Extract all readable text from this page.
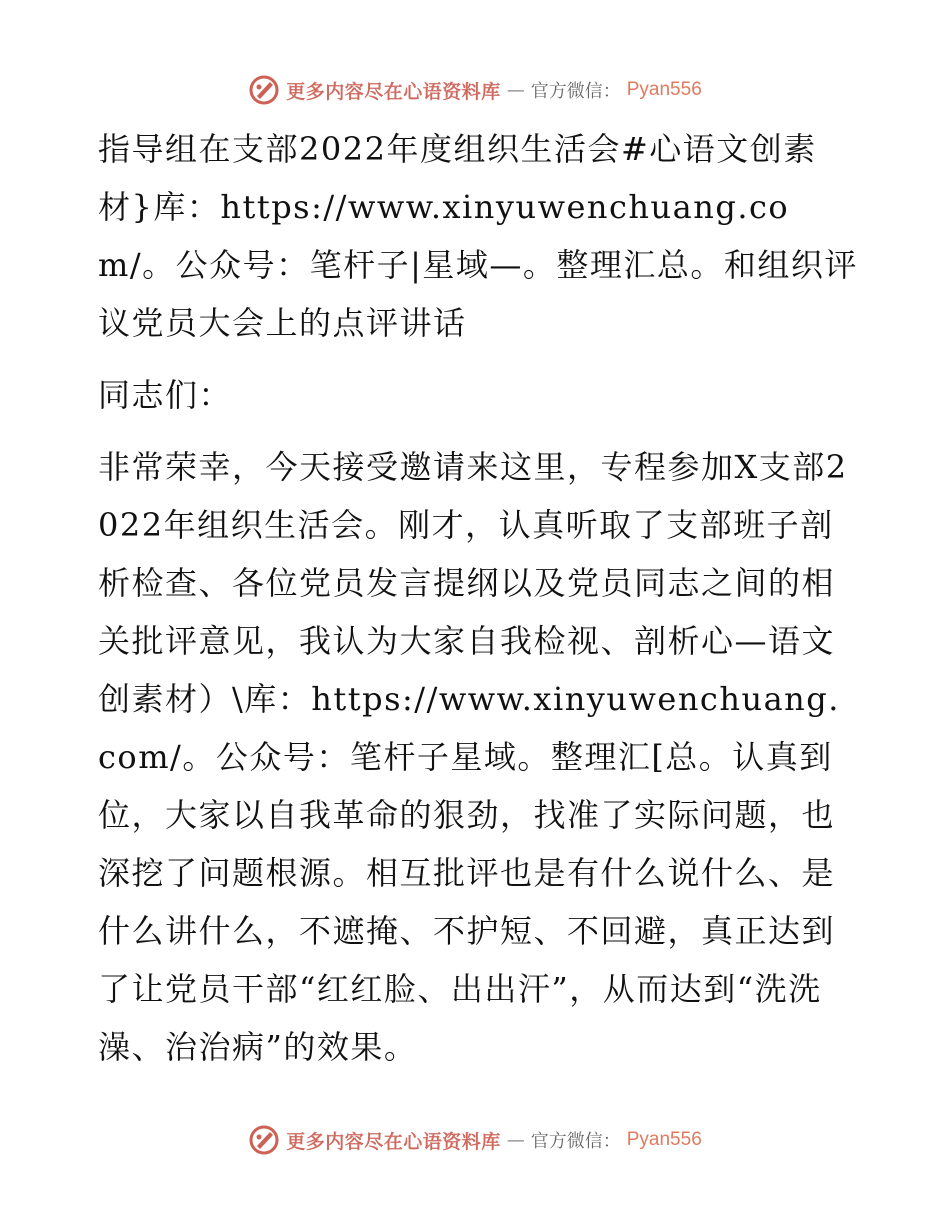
更多内容尽在心语资料库 — 官方微信： Pyan556

指导组在支部2022年度组织生活会#心语文创素材}库：https://www.xinyuwenchuang.com/。公众号：笔杆子|星域—。整理汇总。和组织评议党员大会上的点评讲话

同志们：

非常荣幸，今天接受邀请来这里，专程参加X支部2022年组织生活会。刚才，认真听取了支部班子剖析检查、各位党员发言提纲以及党员同志之间的相关批评意见，我认为大家自我检视、剖析心—语文创素材）\库：https://www.xinyuwenchuang.com/。公众号：笔杆子星域。整理汇[总。认真到位，大家以自我革命的狠劲，找准了实际问题，也深挖了问题根源。相互批评也是有什么说什么、是什么讲什么，不遮掩、不护短、不回避，真正达到了让党员干部“红红脸、出出汗”，从而达到“洗洗澡、治治病”的效果。

更多内容尽在心语资料库 — 官方微信： Pyan556
